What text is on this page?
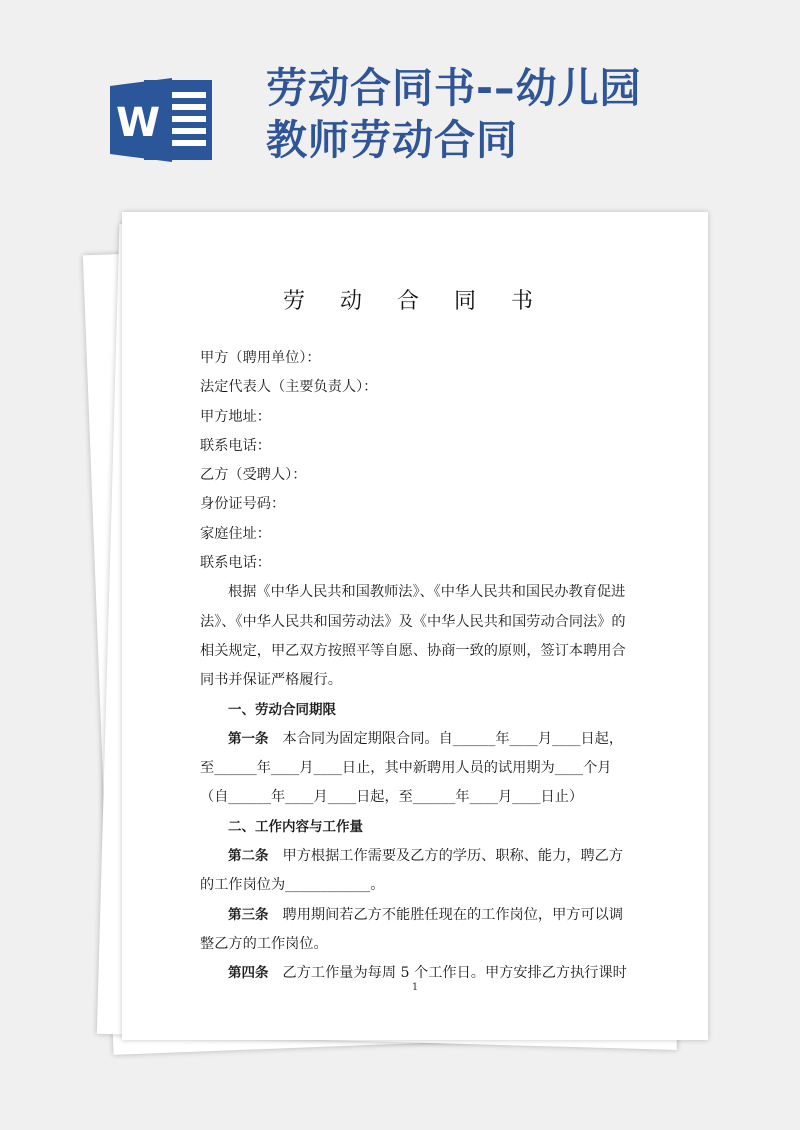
W
劳动合同书-–幼儿园
教师劳动合同
劳 动 合 同 书
甲方（聘用单位）：
法定代表人（主要负责人）：
甲方地址：
联系电话：
乙方（受聘人）：
身份证号码：
家庭住址：
联系电话：
根据《中华人民共和国教师法》、《中华人民共和国民办教育促进
法》、《中华人民共和国劳动法》及《中华人民共和国劳动合同法》的
相关规定，甲乙双方按照平等自愿、协商一致的原则，签订本聘用合
同书并保证严格履行。
一、劳动合同期限
第一条 本合同为固定期限合同。自______年____月____日起，
至______年____月____日止，其中新聘用人员的试用期为____个月
（自______年____月____日起，至______年____月____日止）
二、工作内容与工作量
第二条 甲方根据工作需要及乙方的学历、职称、能力，聘乙方
的工作岗位为____________。
第三条 聘用期间若乙方不能胜任现在的工作岗位，甲方可以调
整乙方的工作岗位。
第四条 乙方工作量为每周 5 个工作日。甲方安排乙方执行课时
1
